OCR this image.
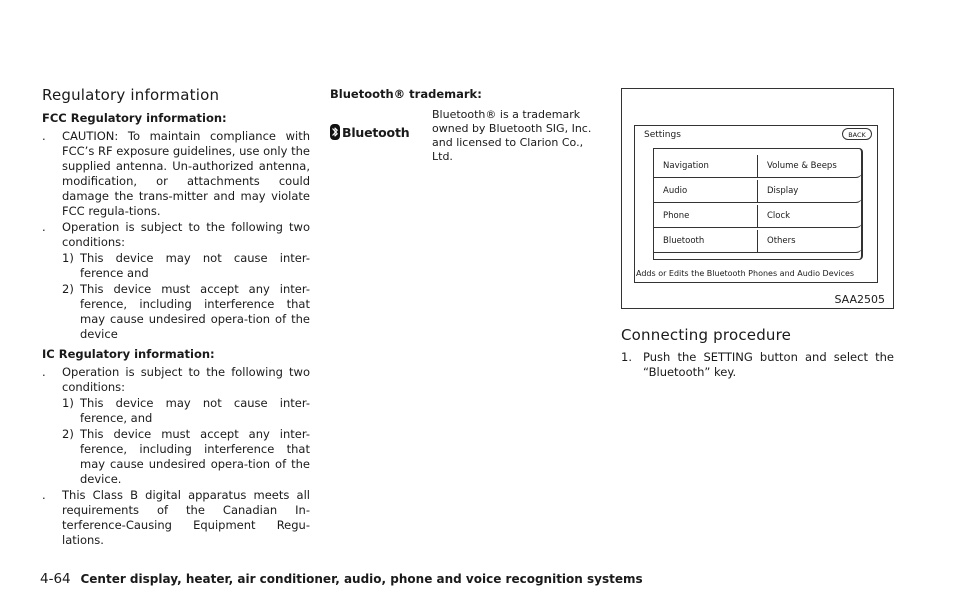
Regulatory information
FCC Regulatory information:
.	CAUTION: To maintain compliance with FCC’s RF exposure guidelines, use only the supplied antenna. Un-authorized antenna, modification, or attachments could damage the trans-mitter and may violate FCC regula-tions.
.	Operation is subject to the following two conditions:
1) This device may not cause inter-ference and
2) This device must accept any inter-ference, including interference that may cause undesired opera-tion of the device
IC Regulatory information:
.	Operation is subject to the following two conditions:
1) This device may not cause inter-ference, and
2) This device must accept any inter-ference, including interference that may cause undesired opera-tion of the device.
.	This Class B digital apparatus meets all requirements of the Canadian In-terference-Causing Equipment Regu-lations.
Bluetooth® trademark:
Bluetooth
Bluetooth® is a trademark owned by Bluetooth SIG, Inc. and licensed to Clarion Co., Ltd.
Settings	BACK
Navigation
Audio
Phone
Bluetooth
Volume & Beeps
Display
Clock
Others
Adds or Edits the Bluetooth Phones and Audio Devices
SAA2505
Connecting procedure
1. Push the SETTING button and select the “Bluetooth” key.
4-64 Center display, heater, air conditioner, audio, phone and voice recognition systems
